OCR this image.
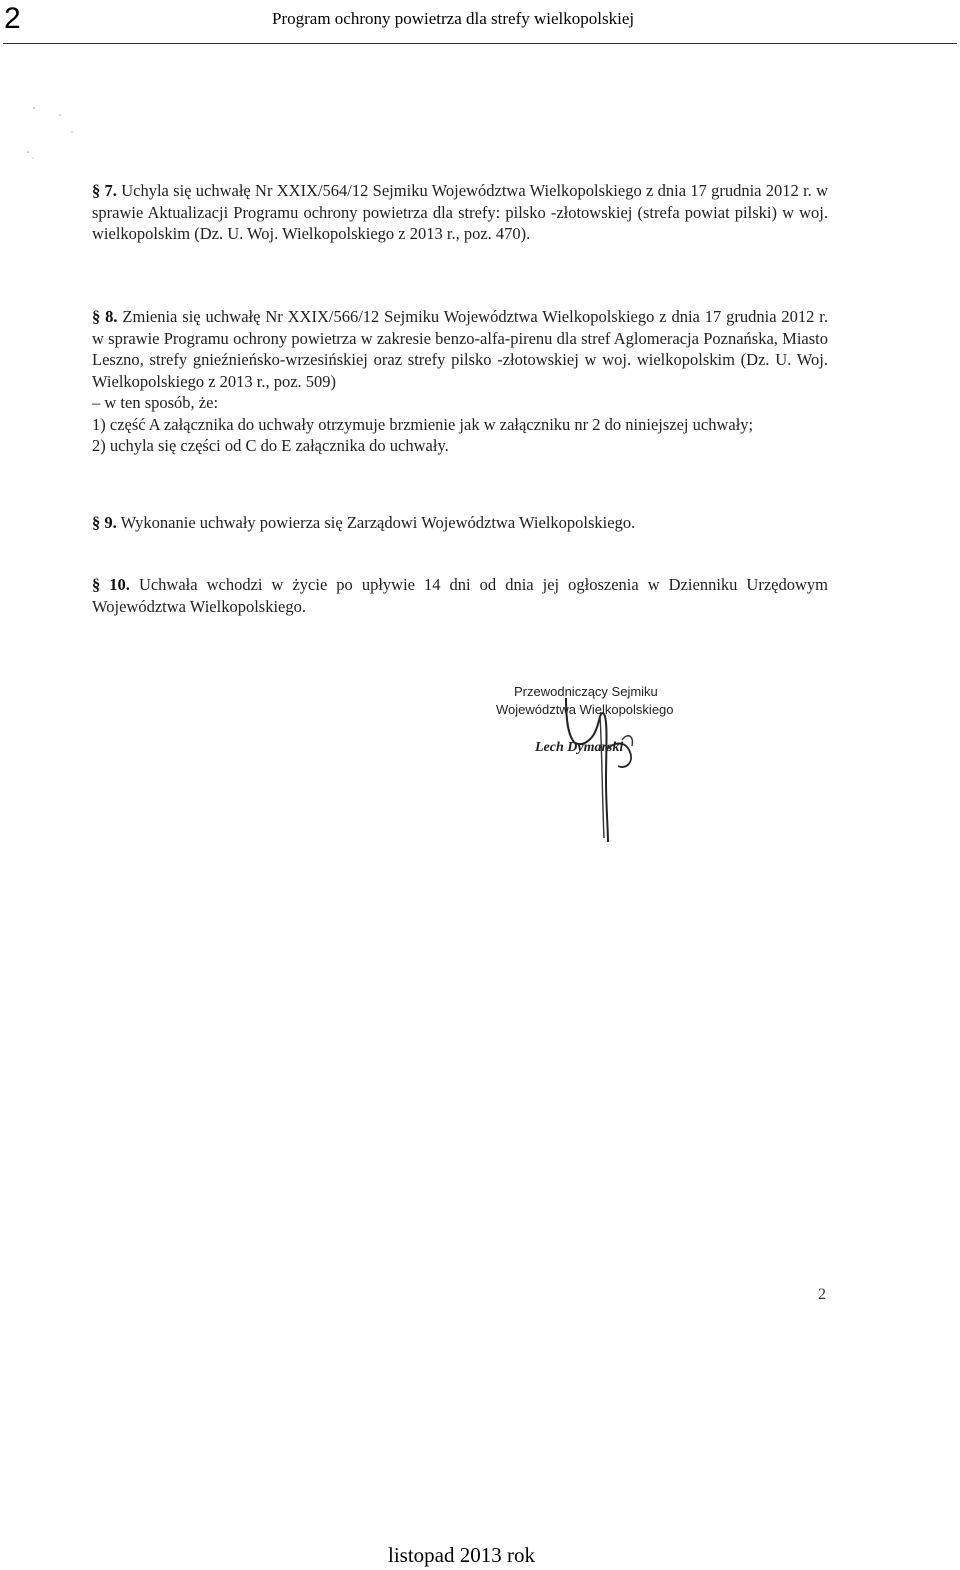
2	Program ochrony powietrza dla strefy wielkopolskiej
§ 7. Uchyla się uchwałę Nr XXIX/564/12 Sejmiku Województwa Wielkopolskiego z dnia 17 grudnia 2012 r. w sprawie Aktualizacji Programu ochrony powietrza dla strefy: pilsko -złotowskiej (strefa powiat pilski) w woj. wielkopolskim (Dz. U. Woj. Wielkopolskiego z 2013 r., poz. 470).
§ 8. Zmienia się uchwałę Nr XXIX/566/12 Sejmiku Województwa Wielkopolskiego z dnia 17 grudnia 2012 r. w sprawie Programu ochrony powietrza w zakresie benzo-alfa-pirenu dla stref Aglomeracja Poznańska, Miasto Leszno, strefy gnieźnieńsko-wrzesińskiej oraz strefy pilsko -złotowskiej w woj. wielkopolskim (Dz. U. Woj. Wielkopolskiego z 2013 r., poz. 509)
– w ten sposób, że:
1) część A załącznika do uchwały otrzymuje brzmienie jak w załączniku nr 2 do niniejszej uchwały;
2) uchyla się części od C do E załącznika do uchwały.
§ 9. Wykonanie uchwały powierza się Zarządowi Województwa Wielkopolskiego.
§ 10. Uchwała wchodzi w życie po upływie 14 dni od dnia jej ogłoszenia w Dzienniku Urzędowym Województwa Wielkopolskiego.
Przewodniczący Sejmiku
Województwa Wielkopolskiego
Lech Dymarski
2
listopad 2013 rok
